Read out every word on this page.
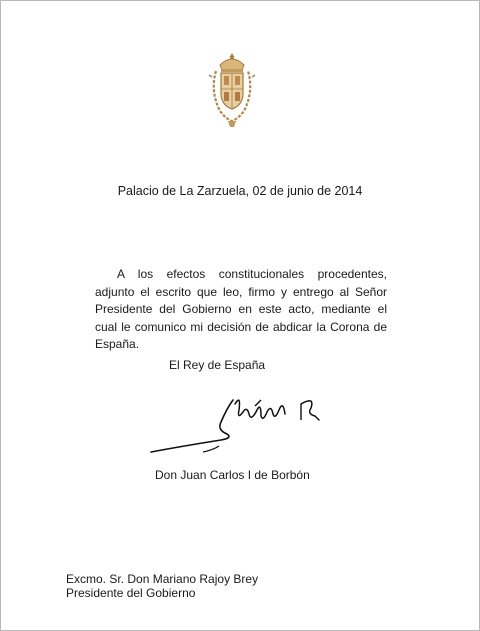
Palacio de La Zarzuela, 02 de junio de 2014

A los efectos constitucionales procedentes, adjunto el escrito que leo, firmo y entrego al Señor Presidente del Gobierno en este acto, mediante el cual le comunico mi decisión de abdicar la Corona de España.

El Rey de España
Don Juan Carlos I de Borbón
Excmo. Sr. Don Mariano Rajoy Brey
Presidente del Gobierno
